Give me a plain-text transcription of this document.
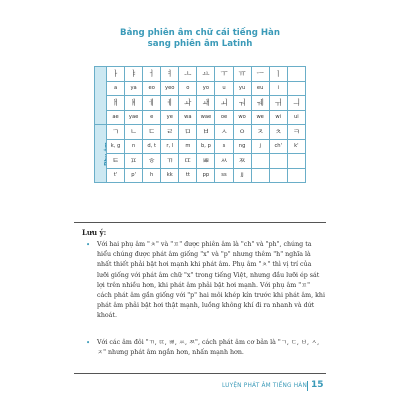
Bảng phiên âm chữ cái tiếng Hàn
sang phiên âm Latinh
	ㅏ	ㅑ	ㅓ	ㅕ	ㅗ	ㅛ	ㅜ	ㅠ	ㅡ	ㅣ	
	a	ya	eo	yeo	o	yo	u	yu	eu	i	
	ㅐ	ㅒ	ㅔ	ㅖ	ㅘ	ㅙ	ㅚ	ㅝ	ㅞ	ㅟ	ㅢ
	ae	yae	e	ye	wa	wae	oe	wo	we	wi	ui
Phụ âm	ㄱ	ㄴ	ㄷ	ㄹ	ㅁ	ㅂ	ㅅ	ㅇ	ㅈ	ㅊ	ㅋ
	k, g	n	d, t	r, l	m	b, p	s	ng	j	ch'	k'
	ㅌ	ㅍ	ㅎ	ㄲ	ㄸ	ㅃ	ㅆ	ㅉ			
	t'	p'	h	kk	tt	pp	ss	jj			
Lưu ý:
• Với hai phụ âm "ㅊ" và "ㅍ" được phiên âm là "ch" và "ph", chúng ta hiểu chúng được phát âm giống "x" và "p" nhưng thêm "h" nghĩa là nhất thiết phải bật hơi mạnh khi phát âm. Phụ âm "ㅊ" thì vị trí của lưỡi giống với phát âm chữ "x" trong tiếng Việt, nhưng đầu lưỡi ép sát lợi trên nhiều hơn, khi phát âm phải bật hơi mạnh. Với phụ âm "ㅍ" cách phát âm gần giống với "p" hai môi khép kín trước khi phát âm, khi phát âm phải bật hơi thật mạnh, luồng không khí đi ra nhanh và dứt khoát.
• Với các âm đôi "ㄲ, ㄸ, ㅃ, ㅆ, ㅉ", cách phát âm cơ bản là "ㄱ, ㄷ, ㅂ, ㅅ, ㅈ" nhưng phát âm ngắn hơn, nhấn mạnh hơn.
LUYỆN PHÁT ÂM TIẾNG HÀN 15
